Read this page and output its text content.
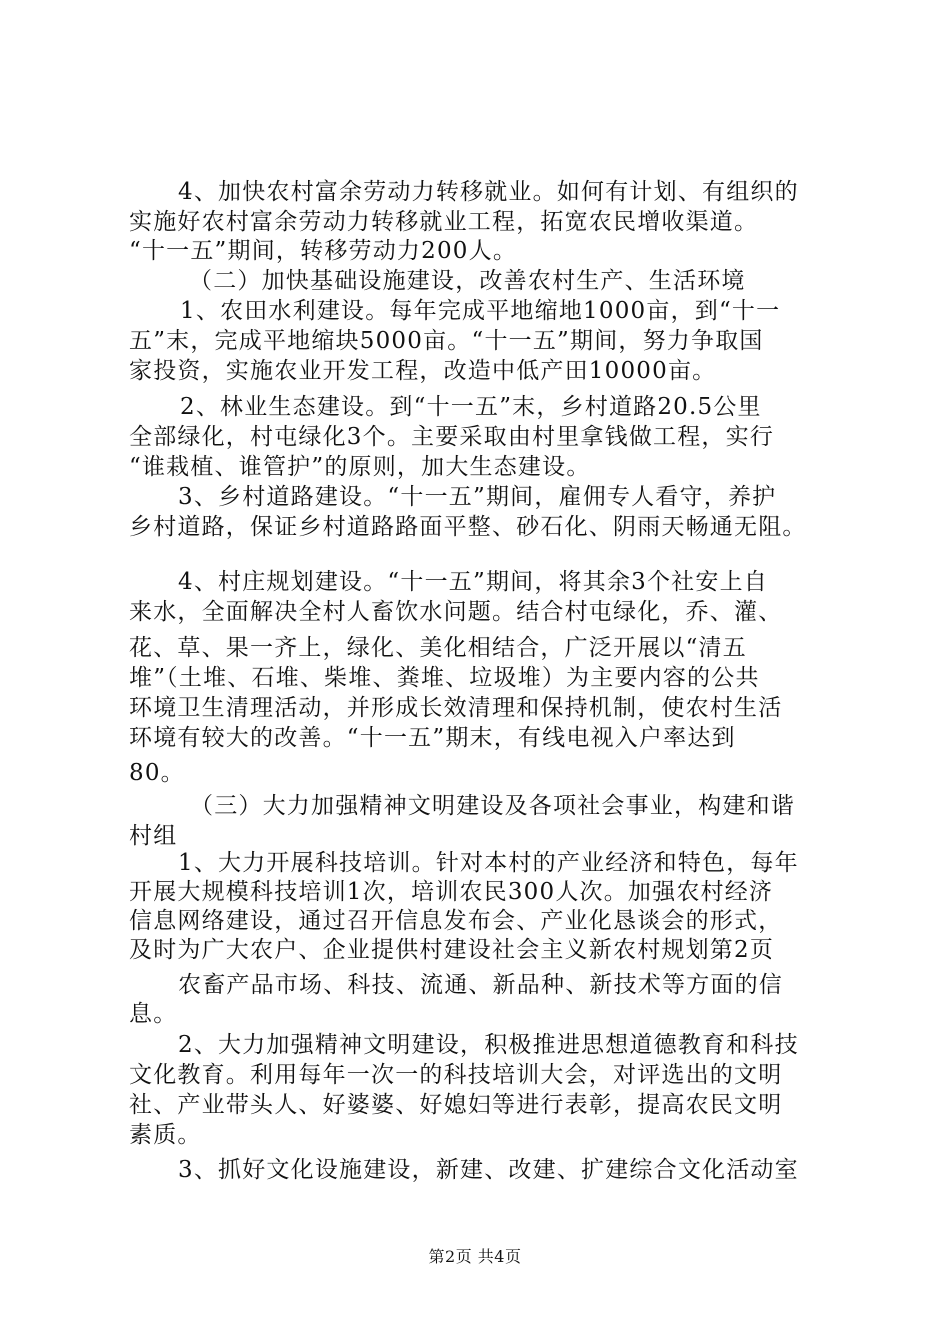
4、加快农村富余劳动力转移就业。如何有计划、有组织的
实施好农村富余劳动力转移就业工程，拓宽农民增收渠道。
“十一五”期间，转移劳动力200人。
（二）加快基础设施建设，改善农村生产、生活环境
1、农田水利建设。每年完成平地缩地1000亩，到“十一
五”末，完成平地缩块5000亩。“十一五”期间，努力争取国
家投资，实施农业开发工程，改造中低产田10000亩。
2、林业生态建设。到“十一五”末，乡村道路20.5公里
全部绿化，村屯绿化3个。主要采取由村里拿钱做工程，实行
“谁栽植、谁管护”的原则，加大生态建设。
3、乡村道路建设。“十一五”期间，雇佣专人看守，养护
乡村道路，保证乡村道路路面平整、砂石化、阴雨天畅通无阻。
4、村庄规划建设。“十一五”期间，将其余3个社安上自
来水，全面解决全村人畜饮水问题。结合村屯绿化，乔、灌、
花、草、果一齐上，绿化、美化相结合，广泛开展以“清五
堆”（土堆、石堆、柴堆、粪堆、垃圾堆）为主要内容的公共
环境卫生清理活动，并形成长效清理和保持机制，使农村生活
环境有较大的改善。“十一五”期末，有线电视入户率达到
80。
（三）大力加强精神文明建设及各项社会事业，构建和谐
村组
1、大力开展科技培训。针对本村的产业经济和特色，每年
开展大规模科技培训1次，培训农民300人次。加强农村经济
信息网络建设，通过召开信息发布会、产业化恳谈会的形式，
及时为广大农户、企业提供村建设社会主义新农村规划第2页
农畜产品市场、科技、流通、新品种、新技术等方面的信
息。
2、大力加强精神文明建设，积极推进思想道德教育和科技
文化教育。利用每年一次一的科技培训大会，对评选出的文明
社、产业带头人、好婆婆、好媳妇等进行表彰，提高农民文明
素质。
3、抓好文化设施建设，新建、改建、扩建综合文化活动室
第2页 共4页
